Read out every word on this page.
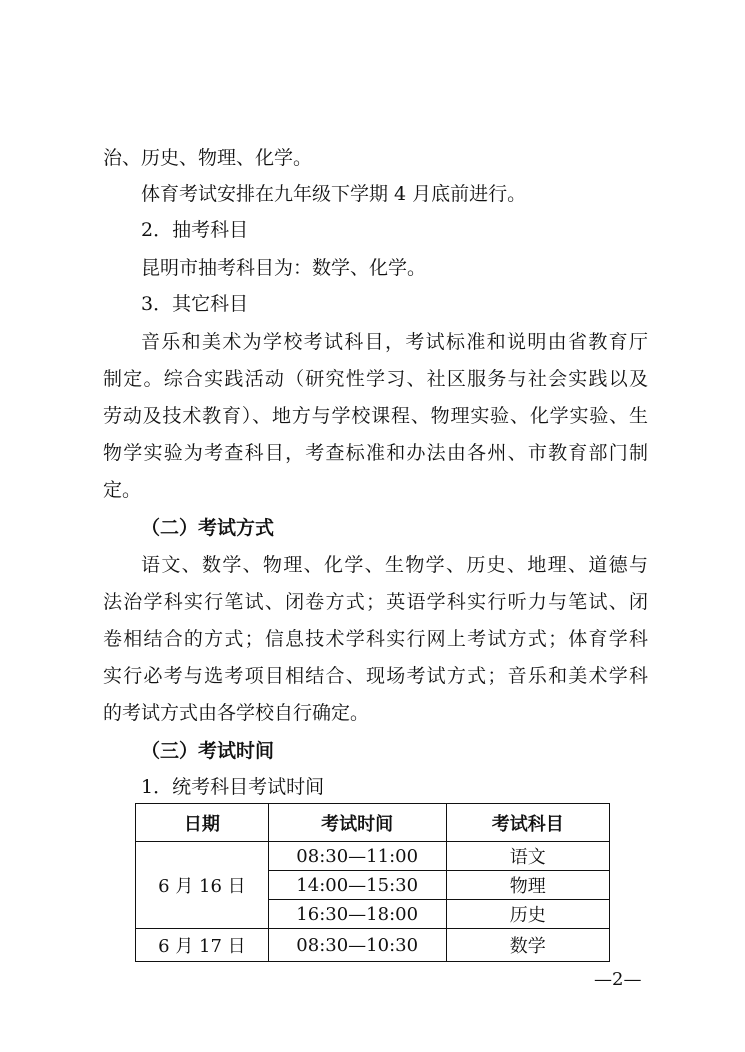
治、历史、物理、化学。
体育考试安排在九年级下学期 4 月底前进行。
2．抽考科目
昆明市抽考科目为：数学、化学。
3．其它科目
音乐和美术为学校考试科目，考试标准和说明由省教育厅
制定。综合实践活动（研究性学习、社区服务与社会实践以及
劳动及技术教育）、地方与学校课程、物理实验、化学实验、生
物学实验为考查科目，考查标准和办法由各州、市教育部门制
定。
（二）考试方式
语文、数学、物理、化学、生物学、历史、地理、道德与
法治学科实行笔试、闭卷方式；英语学科实行听力与笔试、闭
卷相结合的方式；信息技术学科实行网上考试方式；体育学科
实行必考与选考项目相结合、现场考试方式；音乐和美术学科
的考试方式由各学校自行确定。
（三）考试时间
1．统考科目考试时间
日期	考试时间	考试科目
6 月 16 日	08:30—11:00	语文
	14:00—15:30	物理
	16:30—18:00	历史
6 月 17 日	08:30—10:30	数学
—2—
